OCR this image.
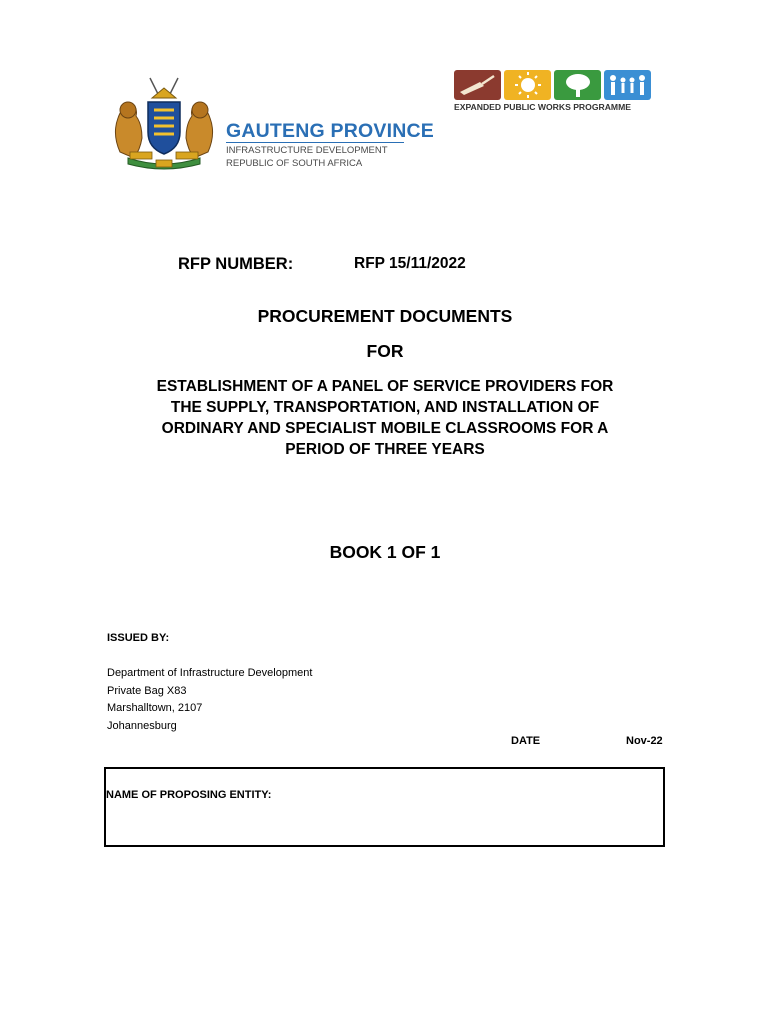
GAUTENG PROVINCE
INFRASTRUCTURE DEVELOPMENT
REPUBLIC OF SOUTH AFRICA
EXPANDED PUBLIC WORKS PROGRAMME
RFP NUMBER:	RFP 15/11/2022
PROCUREMENT DOCUMENTS
FOR
ESTABLISHMENT OF A PANEL OF SERVICE PROVIDERS FOR
THE SUPPLY, TRANSPORTATION, AND INSTALLATION OF
ORDINARY AND SPECIALIST MOBILE CLASSROOMS FOR A
PERIOD OF THREE YEARS
BOOK 1 OF 1
ISSUED BY:
Department of Infrastructure Development
Private Bag X83
Marshalltown, 2107
Johannesburg
DATE	Nov-22
NAME OF PROPOSING ENTITY:
